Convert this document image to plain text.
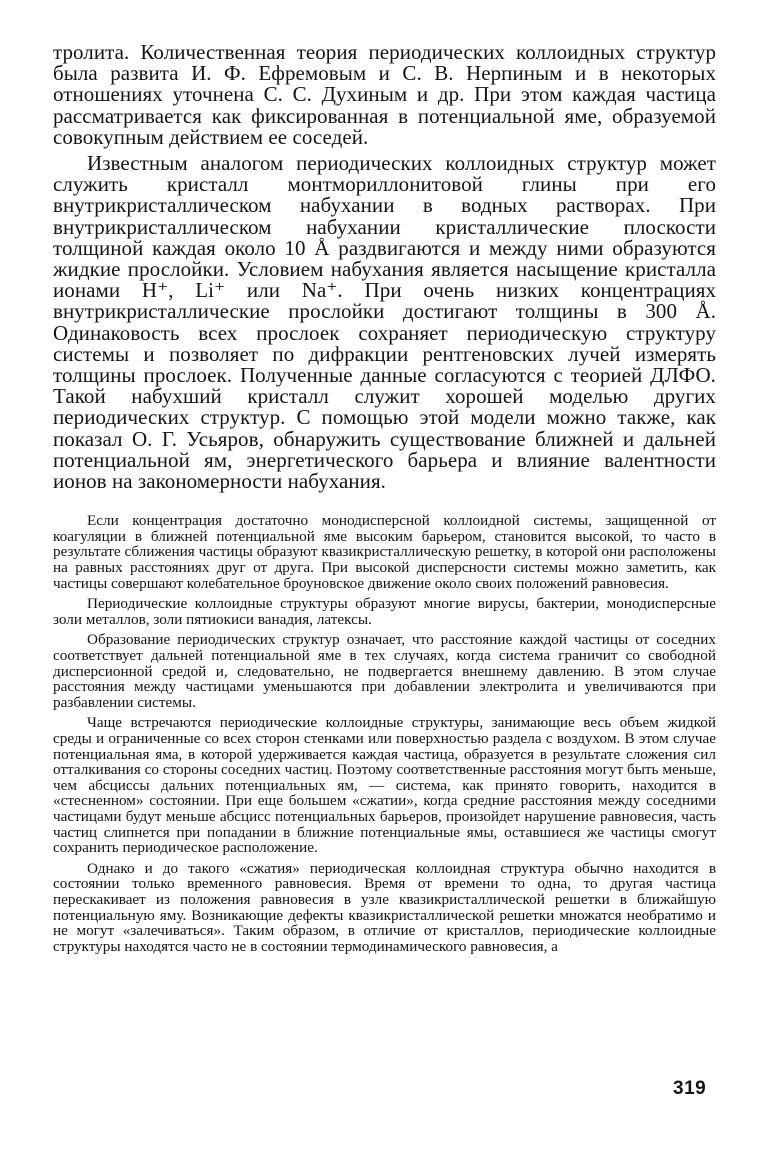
тролита. Количественная теория периодических коллоидных структур была развита И. Ф. Ефремовым и С. В. Нерпиным и в некоторых отношениях уточнена С. С. Духиным и др. При этом каждая частица рассматривается как фиксированная в потенциальной яме, образуемой совокупным действием ее соседей.

Известным аналогом периодических коллоидных структур может служить кристалл монтмориллонитовой глины при его внутрикристаллическом набухании в водных растворах. При внутрикристаллическом набухании кристаллические плоскости толщиной каждая около 10 Å раздвигаются и между ними образуются жидкие прослойки. Условием набухания является насыщение кристалла ионами H⁺, Li⁺ или Na⁺. При очень низких концентрациях внутрикристаллические прослойки достигают толщины в 300 Å. Одинаковость всех прослоек сохраняет периодическую структуру системы и позволяет по дифракции рентгеновских лучей измерять толщины прослоек. Полученные данные согласуются с теорией ДЛФО. Такой набухший кристалл служит хорошей моделью других периодических структур. С помощью этой модели можно также, как показал О. Г. Усьяров, обнаружить существование ближней и дальней потенциальной ям, энергетического барьера и влияние валентности ионов на закономерности набухания.

Если концентрация достаточно монодисперсной коллоидной системы, защищенной от коагуляции в ближней потенциальной яме высоким барьером, становится высокой, то часто в результате сближения частицы образуют квазикристаллическую решетку, в которой они расположены на равных расстояниях друг от друга. При высокой дисперсности системы можно заметить, как частицы совершают колебательное броуновское движение около своих положений равновесия.

Периодические коллоидные структуры образуют многие вирусы, бактерии, монодисперсные золи металлов, золи пятиокиси ванадия, латексы.

Образование периодических структур означает, что расстояние каждой частицы от соседних соответствует дальней потенциальной яме в тех случаях, когда система граничит со свободной дисперсионной средой и, следовательно, не подвергается внешнему давлению. В этом случае расстояния между частицами уменьшаются при добавлении электролита и увеличиваются при разбавлении системы.

Чаще встречаются периодические коллоидные структуры, занимающие весь объем жидкой среды и ограниченные со всех сторон стенками или поверхностью раздела с воздухом. В этом случае потенциальная яма, в которой удерживается каждая частица, образуется в результате сложения сил отталкивания со стороны соседних частиц. Поэтому соответственные расстояния могут быть меньше, чем абсциссы дальних потенциальных ям, — система, как принято говорить, находится в «стесненном» состоянии. При еще большем «сжатии», когда средние расстояния между соседними частицами будут меньше абсцисс потенциальных барьеров, произойдет нарушение равновесия, часть частиц слипнется при попадании в ближние потенциальные ямы, оставшиеся же частицы смогут сохранить периодическое расположение.

Однако и до такого «сжатия» периодическая коллоидная структура обычно находится в состоянии только временного равновесия. Время от времени то одна, то другая частица перескакивает из положения равновесия в узле квазикристаллической решетки в ближайшую потенциальную яму. Возникающие дефекты квазикристаллической решетки множатся необратимо и не могут «залечиваться». Таким образом, в отличие от кристаллов, периодические коллоидные структуры находятся часто не в состоянии термодинамического равновесия, а

319
